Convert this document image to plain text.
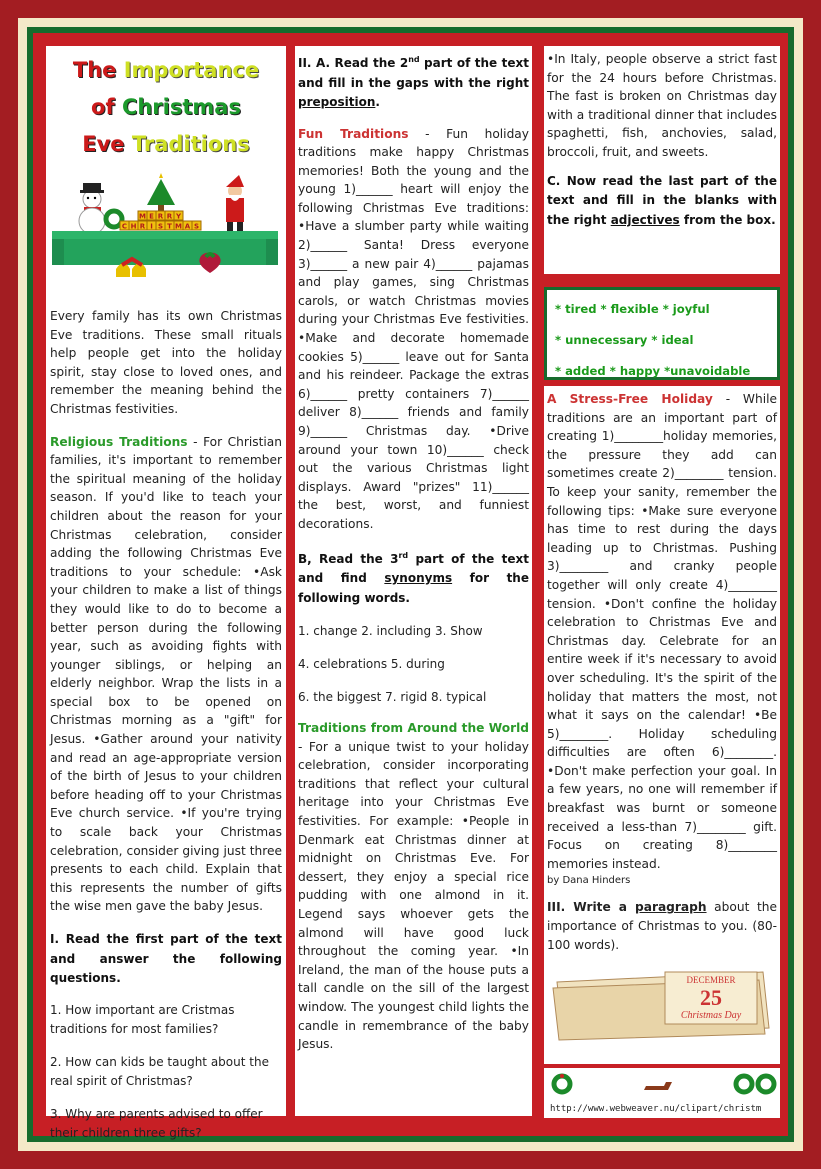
The Importance
of Christmas
Eve Traditions
M E R R Y
C H R I S T M A S

Every family has its own Christmas Eve traditions. These small rituals help people get into the holiday spirit, stay close to loved ones, and remember the meaning behind the Christmas festivities.

Religious Traditions - For Christian families, it's important to remember the spiritual meaning of the holiday season. If you'd like to teach your children about the reason for your Christmas celebration, consider adding the following Christmas Eve traditions to your schedule: •Ask your children to make a list of things they would like to do to become a better person during the following year, such as avoiding fights with younger siblings, or helping an elderly neighbor. Wrap the lists in a special box to be opened on Christmas morning as a "gift" for Jesus. •Gather around your nativity and read an age-appropriate version of the birth of Jesus to your children before heading off to your Christmas Eve church service. •If you're trying to scale back your Christmas celebration, consider giving just three presents to each child. Explain that this represents the number of gifts the wise men gave the baby Jesus.

I. Read the first part of the text and answer the following questions.

1. How important are Cristmas traditions for most families?

2. How can kids be taught about the real spirit of Christmas?

3. Why are parents advised to offer their children three gifts?

II. A. Read the 2nd part of the text and fill in the gaps with the right preposition.

Fun Traditions - Fun holiday traditions make happy Christmas memories! Both the young and the young 1)______ heart will enjoy the following Christmas Eve traditions: •Have a slumber party while waiting 2)______ Santa! Dress everyone 3)______ a new pair 4)______ pajamas and play games, sing Christmas carols, or watch Christmas movies during your Christmas Eve festivities. •Make and decorate homemade cookies 5)______ leave out for Santa and his reindeer. Package the extras 6)______ pretty containers 7)______ deliver 8)______ friends and family 9)______ Christmas day. •Drive around your town 10)______ check out the various Christmas light displays. Award "prizes" 11)______ the best, worst, and funniest decorations.

B, Read the 3rd part of the text and find synonyms for the following words.

1. change 2. including 3. Show

4. celebrations 5. during

6. the biggest 7. rigid 8. typical

Traditions from Around the World - For a unique twist to your holiday celebration, consider incorporating traditions that reflect your cultural heritage into your Christmas Eve festivities. For example: •People in Denmark eat Christmas dinner at midnight on Christmas Eve. For dessert, they enjoy a special rice pudding with one almond in it. Legend says whoever gets the almond will have good luck throughout the coming year. •In Ireland, the man of the house puts a tall candle on the sill of the largest window. The youngest child lights the candle in remembrance of the baby Jesus.

•In Italy, people observe a strict fast for the 24 hours before Christmas. The fast is broken on Christmas day with a traditional dinner that includes spaghetti, fish, anchovies, salad, broccoli, fruit, and sweets.

C. Now read the last part of the text and fill in the blanks with the right adjectives from the box.

* tired * flexible * joyful
* unnecessary * ideal
* added * happy *unavoidable

A Stress-Free Holiday - While traditions are an important part of creating 1)________holiday memories, the pressure they add can sometimes create 2)________ tension. To keep your sanity, remember the following tips: •Make sure everyone has time to rest during the days leading up to Christmas. Pushing 3)________ and cranky people together will only create 4)________ tension. •Don't confine the holiday celebration to Christmas Eve and Christmas day. Celebrate for an entire week if it's necessary to avoid over scheduling. It's the spirit of the holiday that matters the most, not what it says on the calendar! •Be 5)________. Holiday scheduling difficulties are often 6)________. •Don't make perfection your goal. In a few years, no one will remember if breakfast was burnt or someone received a less-than 7)________ gift. Focus on creating 8)________ memories instead.

by Dana Hinders

III. Write a paragraph about the importance of Christmas to you. (80-100 words).

DECEMBER
25
Christmas Day
http://www.webweaver.nu/clipart/christm
